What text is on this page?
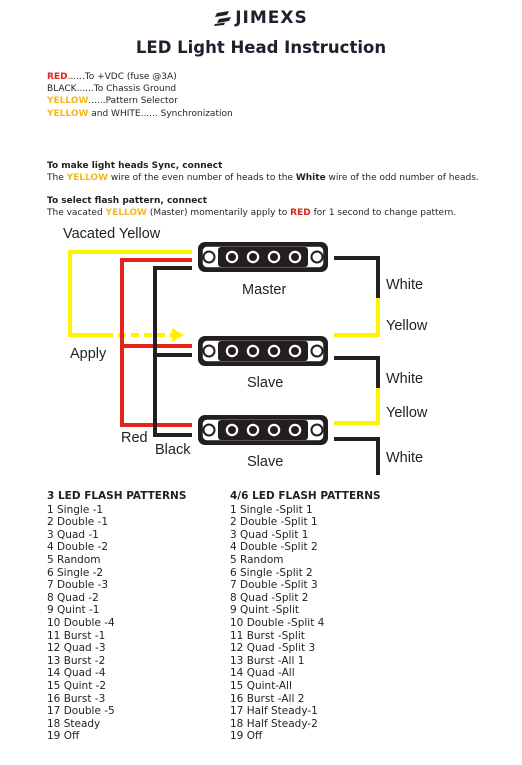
JIMEXS
LED Light Head Instruction
RED......To +VDC (fuse @3A)
BLACK......To Chassis Ground
YELLOW......Pattern Selector
YELLOW and WHITE...... Synchronization
To make light heads Sync, connect
The YELLOW wire of the even number of heads to the White wire of the odd number of heads.
To select flash pattern, connect
The vacated YELLOW (Master) momentarily apply to RED for 1 second to change pattern.
Vacated Yellow
Apply
Red
Black
Master
Slave
Slave
White
Yellow
White
Yellow
White
3 LED FLASH PATTERNS
1 Single -1
2 Double -1
3 Quad -1
4 Double -2
5 Random
6 Single -2
7 Double -3
8 Quad -2
9 Quint -1
10 Double -4
11 Burst -1
12 Quad -3
13 Burst -2
14 Quad -4
15 Quint -2
16 Burst -3
17 Double -5
18 Steady
19 Off
4/6 LED FLASH PATTERNS
1 Single -Split 1
2 Double -Split 1
3 Quad -Split 1
4 Double -Split 2
5 Random
6 Single -Split 2
7 Double -Split 3
8 Quad -Split 2
9 Quint -Split
10 Double -Split 4
11 Burst -Split
12 Quad -Split 3
13 Burst -All 1
14 Quad -All
15 Quint-All
16 Burst -All 2
17 Half Steady-1
18 Half Steady-2
19 Off
